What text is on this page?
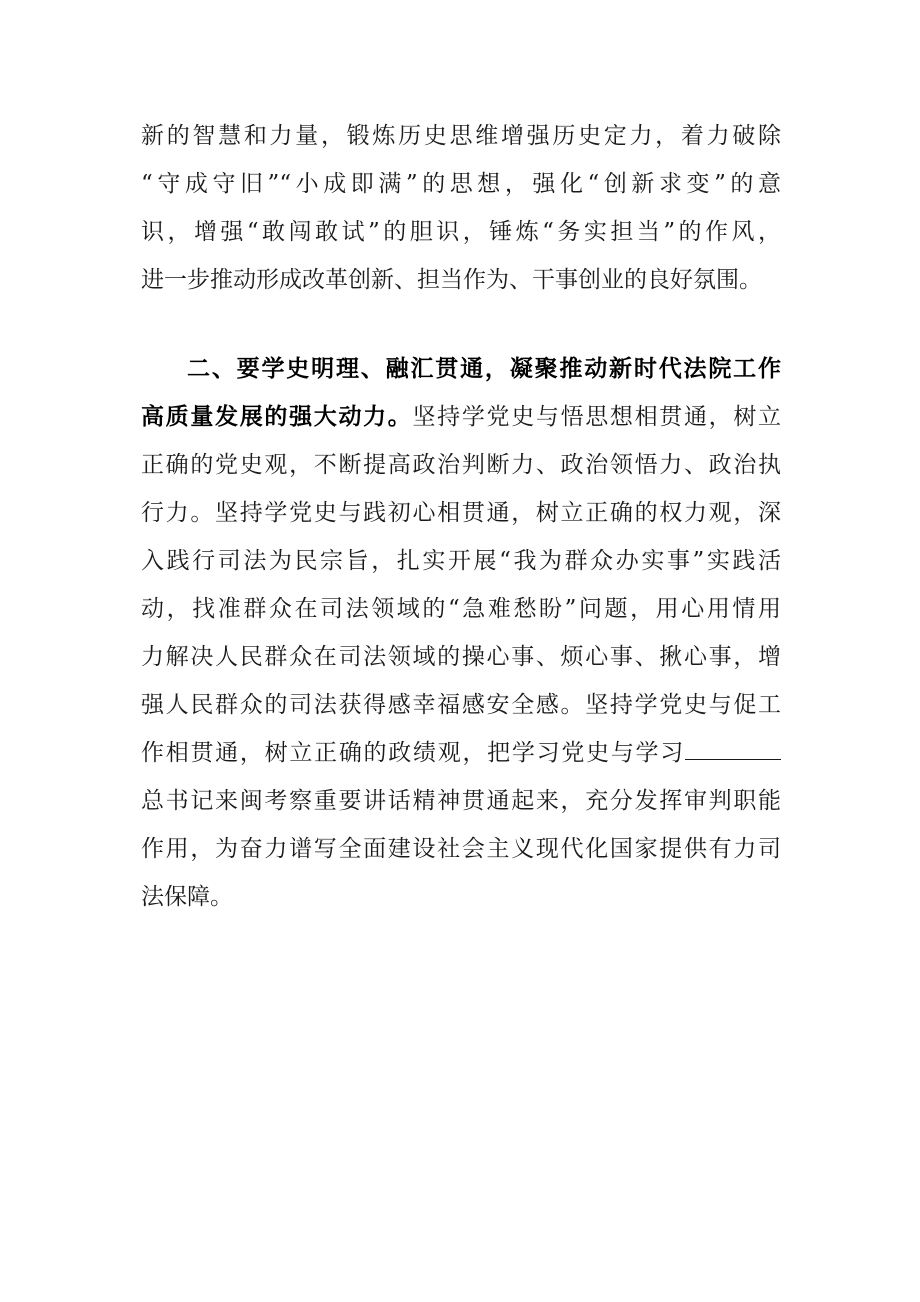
新的智慧和力量，锻炼历史思维增强历史定力，着力破除
“守成守旧”“小成即满”的思想，强化“创新求变”的意
识，增强“敢闯敢试”的胆识，锤炼“务实担当”的作风，
进一步推动形成改革创新、担当作为、干事创业的良好氛围。
二、要学史明理、融汇贯通，凝聚推动新时代法院工作
高质量发展的强大动力。坚持学党史与悟思想相贯通，树立
正确的党史观，不断提高政治判断力、政治领悟力、政治执
行力。坚持学党史与践初心相贯通，树立正确的权力观，深
入践行司法为民宗旨，扎实开展“我为群众办实事”实践活
动，找准群众在司法领域的“急难愁盼”问题，用心用情用
力解决人民群众在司法领域的操心事、烦心事、揪心事，增
强人民群众的司法获得感幸福感安全感。坚持学党史与促工
作相贯通，树立正确的政绩观，把学习党史与学习
总书记来闽考察重要讲话精神贯通起来，充分发挥审判职能
作用，为奋力谱写全面建设社会主义现代化国家提供有力司
法保障。
